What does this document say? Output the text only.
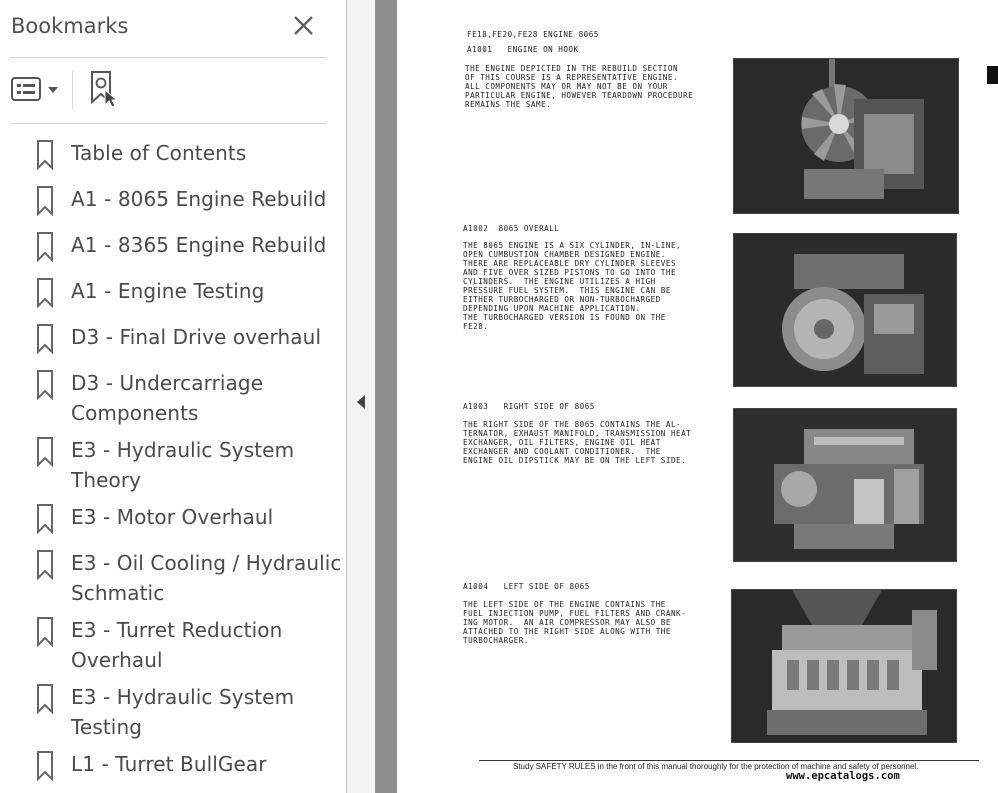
Bookmarks
Table of Contents
A1 - 8065 Engine Rebuild
A1 - 8365 Engine Rebuild
A1 - Engine Testing
D3 - Final Drive overhaul
D3 - Undercarriage Components
E3 - Hydraulic System Theory
E3 - Motor Overhaul
E3 - Oil Cooling / Hydraulic Schmatic
E3 - Turret Reduction Overhaul
E3 - Hydraulic System Testing
L1 - Turret BullGear
FE18,FE20,FE28 ENGINE 8065
A1001   ENGINE ON HOOK
THE ENGINE DEPICTED IN THE REBUILD SECTION
OF THIS COURSE IS A REPRESENTATIVE ENGINE.
ALL COMPONENTS MAY OR MAY NOT BE ON YOUR
PARTICULAR ENGINE, HOWEVER TEARDOWN PROCEDURE
REMAINS THE SAME.
A1002  8065 OVERALL
THE 8065 ENGINE IS A SIX CYLINDER, IN-LINE,
OPEN CUMBUSTION CHAMBER DESIGNED ENGINE.
THERE ARE REPLACEABLE DRY CYLINDER SLEEVES
AND FIVE OVER SIZED PISTONS TO GO INTO THE
CYLINDERS.  THE ENGINE UTILIZES A HIGH
PRESSURE FUEL SYSTEM.  THIS ENGINE CAN BE
EITHER TURBOCHARGED OR NON-TURBOCHARGED
DEPENDING UPON MACHINE APPLICATION.
THE TURBOCHARGED VERSION IS FOUND ON THE
FE28.
A1003   RIGHT SIDE OF 8065
THE RIGHT SIDE OF THE 8065 CONTAINS THE AL-
TERNATOR, EXHAUST MANIFOLD, TRANSMISSION HEAT
EXCHANGER, OIL FILTERS, ENGINE OIL HEAT
EXCHANGER AND COOLANT CONDITIONER.  THE
ENGINE OIL DIPSTICK MAY BE ON THE LEFT SIDE.
A1004   LEFT SIDE OF 8065
THE LEFT SIDE OF THE ENGINE CONTAINS THE
FUEL INJECTION PUMP, FUEL FILTERS AND CRANK-
ING MOTOR.  AN AIR COMPRESSOR MAY ALSO BE
ATTACHED TO THE RIGHT SIDE ALONG WITH THE
TURBOCHARGER.
Study SAFETY RULES in the front of this manual thoroughly for the protection of machine and safety of personnel.
www.epcatalogs.com
